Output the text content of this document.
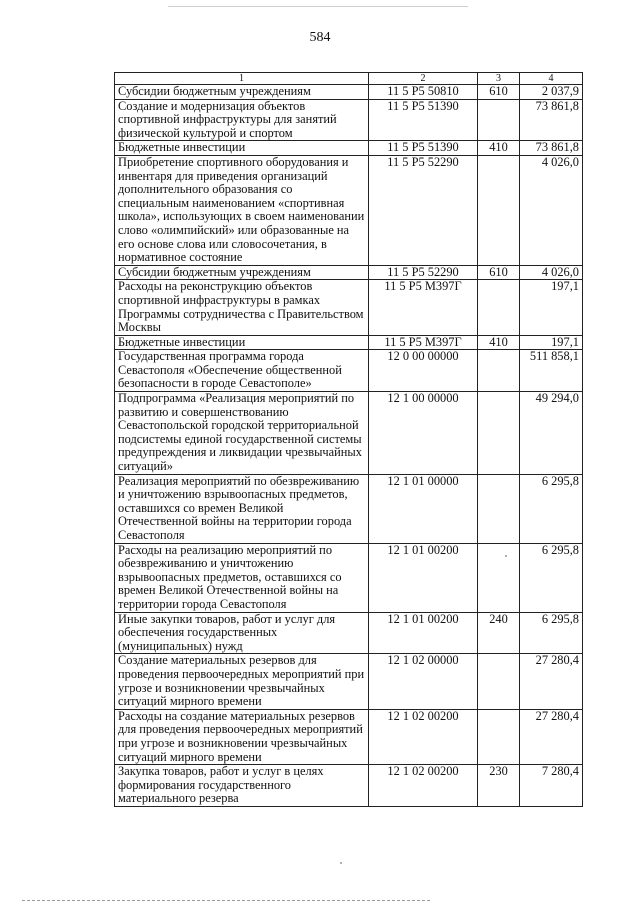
584
1	2	3	4
Субсидии бюджетным учреждениям	11 5 Р5 50810	610	2 037,9
Создание и модернизация объектов спортивной инфраструктуры для занятий физической культурой и спортом	11 5 Р5 51390		73 861,8
Бюджетные инвестиции	11 5 Р5 51390	410	73 861,8
Приобретение спортивного оборудования и инвентаря для приведения организаций дополнительного образования со специальным наименованием «спортивная школа», использующих в своем наименовании слово «олимпийский» или образованные на его основе слова или словосочетания, в нормативное состояние	11 5 Р5 52290		4 026,0
Субсидии бюджетным учреждениям	11 5 Р5 52290	610	4 026,0
Расходы на реконструкцию объектов спортивной инфраструктуры в рамках Программы сотрудничества с Правительством Москвы	11 5 Р5 М397Г		197,1
Бюджетные инвестиции	11 5 Р5 М397Г	410	197,1
Государственная программа города Севастополя «Обеспечение общественной безопасности в городе Севастополе»	12 0 00 00000		511 858,1
Подпрограмма «Реализация мероприятий по развитию и совершенствованию Севастопольской городской территориальной подсистемы единой государственной системы предупреждения и ликвидации чрезвычайных ситуаций»	12 1 00 00000		49 294,0
Реализация мероприятий по обезвреживанию и уничтожению взрывоопасных предметов, оставшихся со времен Великой Отечественной войны на территории города Севастополя	12 1 01 00000		6 295,8
Расходы на реализацию мероприятий по обезвреживанию и уничтожению взрывоопасных предметов, оставшихся со времен Великой Отечественной войны на территории города Севастополя	12 1 01 00200		6 295,8
Иные закупки товаров, работ и услуг для обеспечения государственных (муниципальных) нужд	12 1 01 00200	240	6 295,8
Создание материальных резервов для проведения первоочередных мероприятий при угрозе и возникновении чрезвычайных ситуаций мирного времени	12 1 02 00000		27 280,4
Расходы на создание материальных резервов для проведения первоочередных мероприятий при угрозе и возникновении чрезвычайных ситуаций мирного времени	12 1 02 00200		27 280,4
Закупка товаров, работ и услуг в целях формирования государственного материального резерва	12 1 02 00200	230	7 280,4
